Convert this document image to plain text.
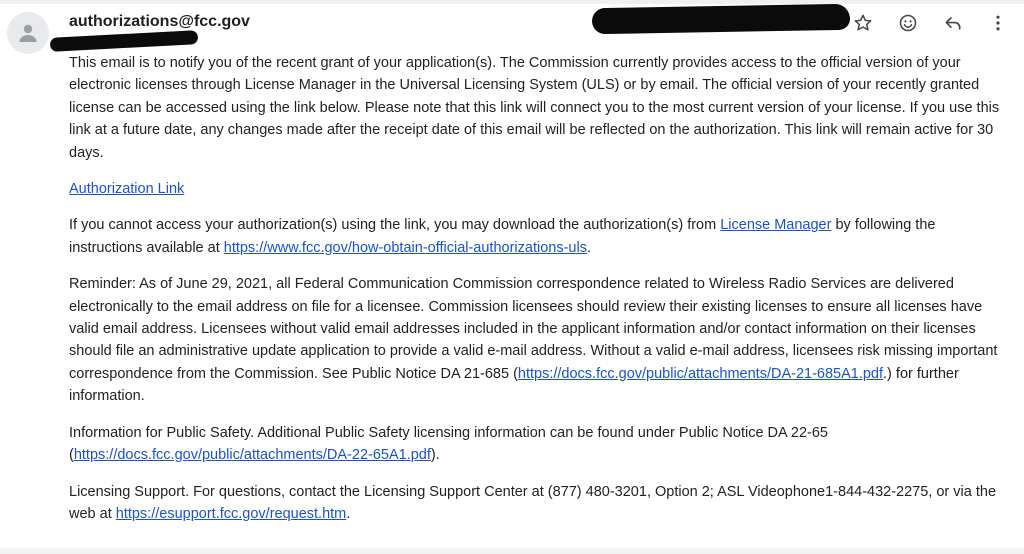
authorizations@fcc.gov

This email is to notify you of the recent grant of your application(s). The Commission currently provides access to the official version of your electronic licenses through License Manager in the Universal Licensing System (ULS) or by email. The official version of your recently granted license can be accessed using the link below. Please note that this link will connect you to the most current version of your license. If you use this link at a future date, any changes made after the receipt date of this email will be reflected on the authorization. This link will remain active for 30 days.

Authorization Link

If you cannot access your authorization(s) using the link, you may download the authorization(s) from License Manager by following the instructions available at https://www.fcc.gov/how-obtain-official-authorizations-uls.

Reminder: As of June 29, 2021, all Federal Communication Commission correspondence related to Wireless Radio Services are delivered electronically to the email address on file for a licensee. Commission licensees should review their existing licenses to ensure all licenses have valid email address. Licensees without valid email addresses included in the applicant information and/or contact information on their licenses should file an administrative update application to provide a valid e-mail address. Without a valid e-mail address, licensees risk missing important correspondence from the Commission. See Public Notice DA 21-685 (https://docs.fcc.gov/public/attachments/DA-21-685A1.pdf.) for further information.

Information for Public Safety. Additional Public Safety licensing information can be found under Public Notice DA 22-65 (https://docs.fcc.gov/public/attachments/DA-22-65A1.pdf).

Licensing Support. For questions, contact the Licensing Support Center at (877) 480-3201, Option 2; ASL Videophone1-844-432-2275, or via the web at https://esupport.fcc.gov/request.htm.
